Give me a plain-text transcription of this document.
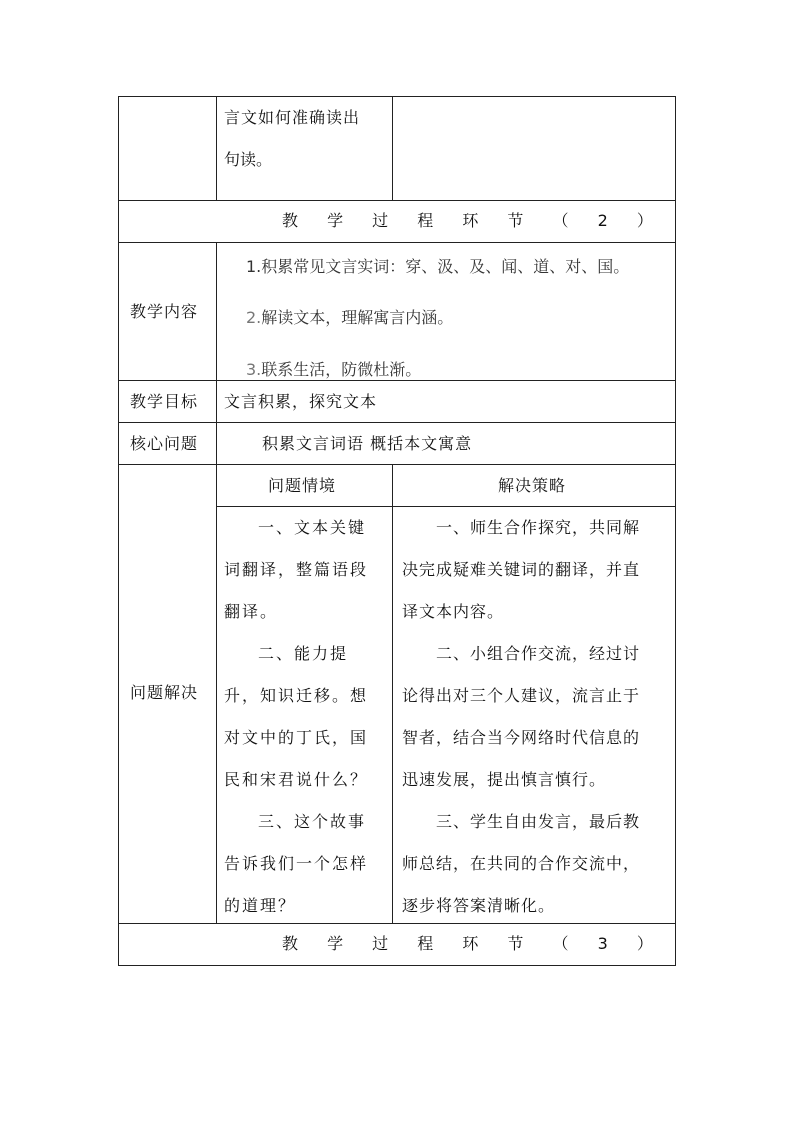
言文如何准确读出
句读。
教 学 过 程 环 节 （ 2 ）
教学内容
1.积累常见文言实词：穿、汲、及、闻、道、对、国。
2.解读文本，理解寓言内涵。
3.联系生活，防微杜渐。
教学目标 文言积累，探究文本
核心问题	积累文言词语 概括本文寓意
问题解决
问题情境	解决策略
一、文本关键
词翻译，整篇语段
翻译。
二、能力提
升，知识迁移。想
对文中的丁氏，国
民和宋君说什么？
三、这个故事
告诉我们一个怎样
的道理？
一、师生合作探究，共同解
决完成疑难关键词的翻译，并直
译文本内容。
二、小组合作交流，经过讨
论得出对三个人建议，流言止于
智者，结合当今网络时代信息的
迅速发展，提出慎言慎行。
三、学生自由发言，最后教
师总结，在共同的合作交流中，
逐步将答案清晰化。
教 学 过 程 环 节 （ 3 ）
